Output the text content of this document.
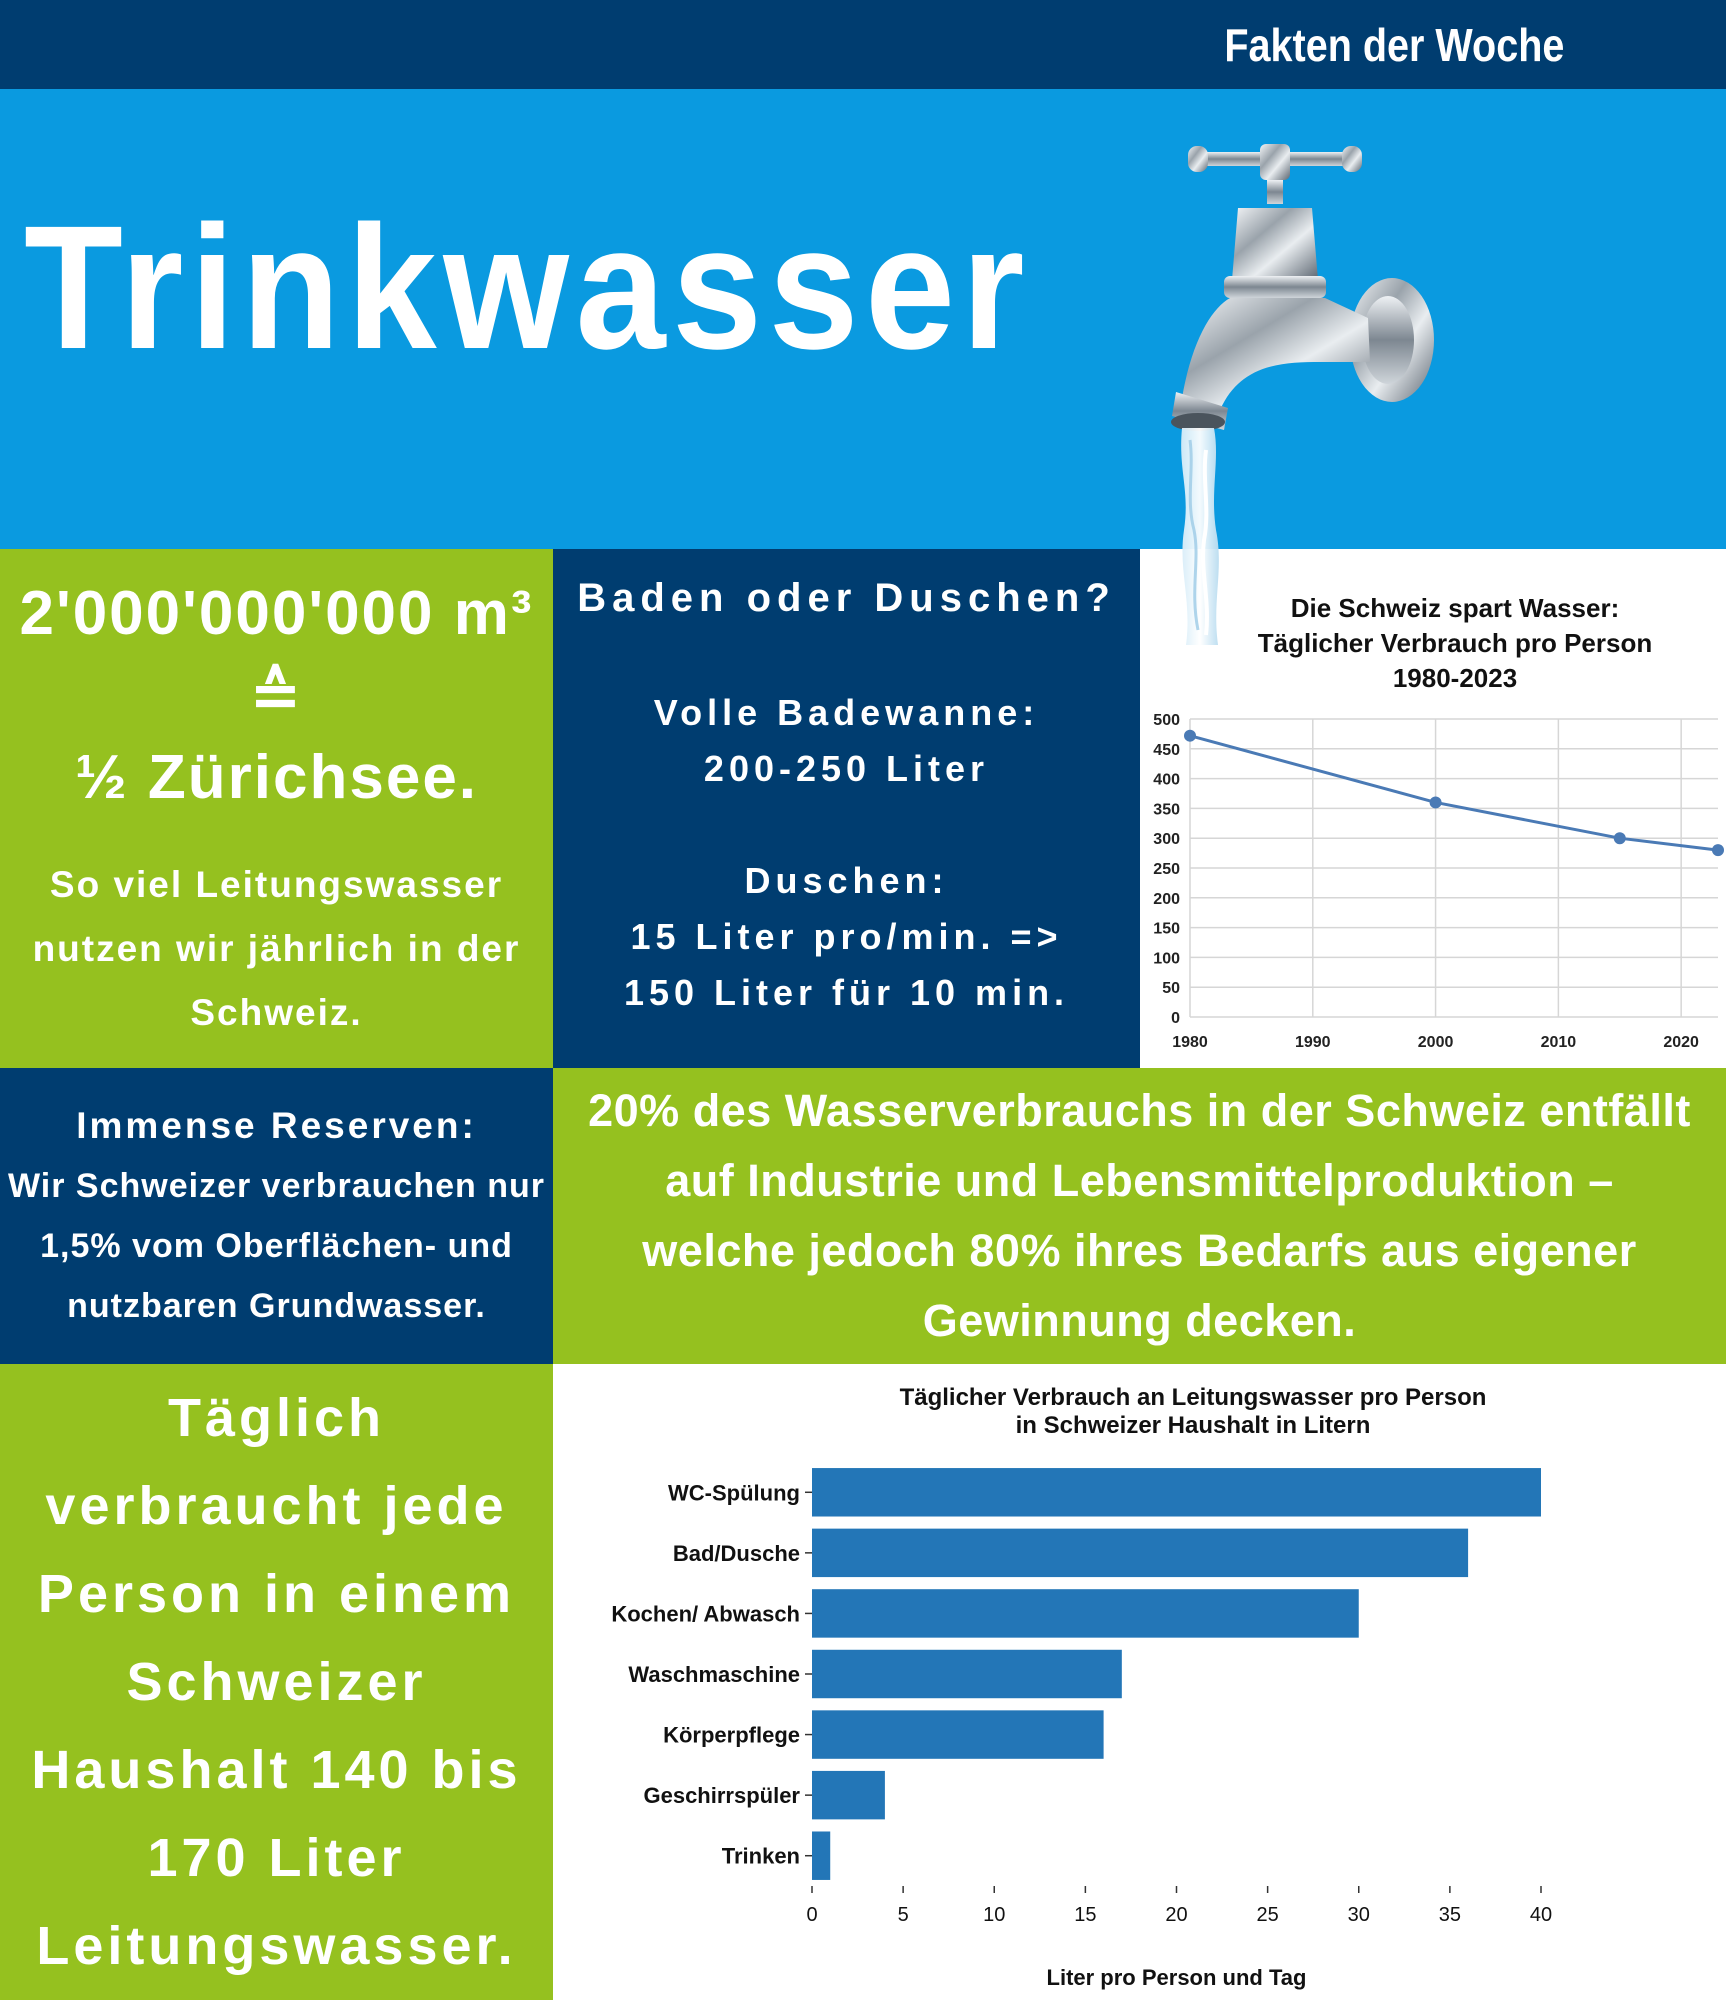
Fakten der Woche
Trinkwasser
2'000'000'000 m³
≙
½ Zürichsee.
So viel Leitungswasser nutzen wir jährlich in der Schweiz.
Baden oder Duschen?
Volle Badewanne:
200-250 Liter
Duschen:
15 Liter pro/min. =>
150 Liter für 10 min.
Die Schweiz spart Wasser:
Täglicher Verbrauch pro Person
1980-2023
0
50
100
150
200
250
300
350
400
450
500
1980	1990	2000	2010	2020
Immense Reserven:
Wir Schweizer verbrauchen nur
1,5% vom Oberflächen- und
nutzbaren Grundwasser.
20% des Wasserverbrauchs in der Schweiz entfällt auf Industrie und Lebensmittelproduktion – welche jedoch 80% ihres Bedarfs aus eigener Gewinnung decken.
Täglich verbraucht jede Person in einem Schweizer Haushalt 140 bis 170 Liter Leitungswasser.
Täglicher Verbrauch an Leitungswasser pro Person
in Schweizer Haushalt in Litern
WC-Spülung
Bad/Dusche
Kochen/ Abwasch
Waschmaschine
Körperpflege
Geschirrspüler
Trinken
0	5	10	15	20	25	30	35	40
Liter pro Person und Tag
